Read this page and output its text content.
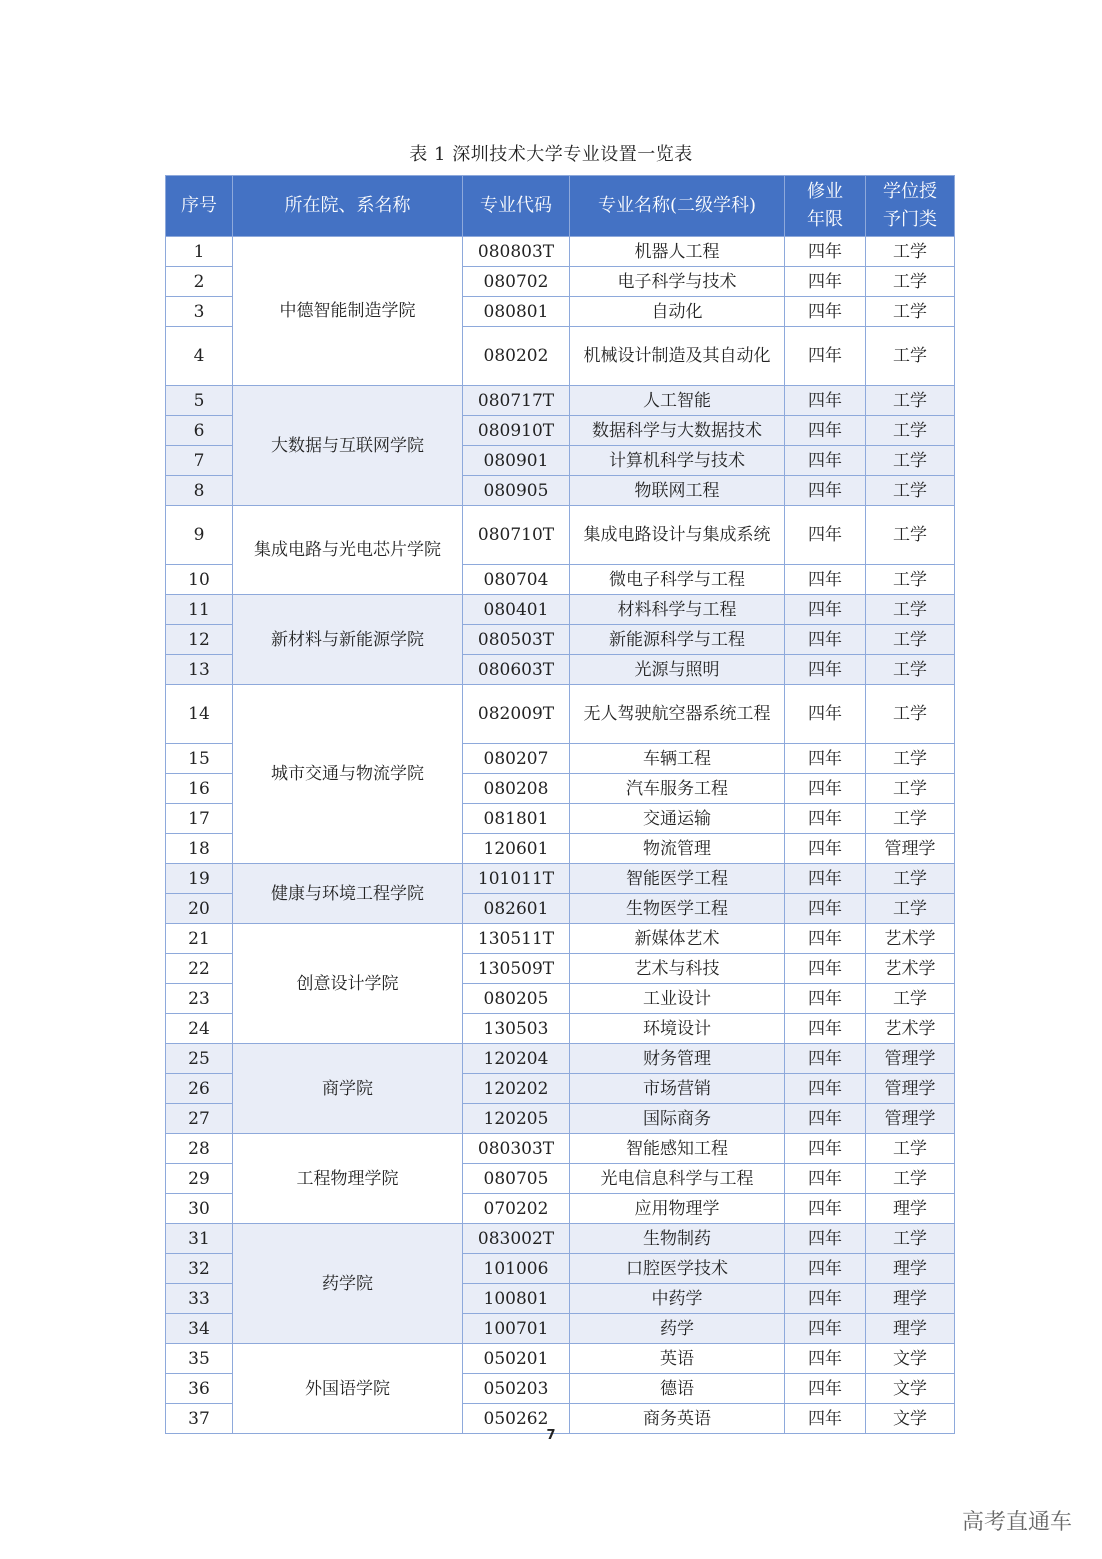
表 1 深圳技术大学专业设置一览表
序号	所在院、系名称	专业代码	专业名称(二级学科)	修业年限	学位授予门类
1	中德智能制造学院	080803T	机器人工程	四年	工学
2		080702	电子科学与技术	四年	工学
3		080801	自动化	四年	工学
4		080202	机械设计制造及其自动化	四年	工学
5	大数据与互联网学院	080717T	人工智能	四年	工学
6		080910T	数据科学与大数据技术	四年	工学
7		080901	计算机科学与技术	四年	工学
8		080905	物联网工程	四年	工学
9	集成电路与光电芯片学院	080710T	集成电路设计与集成系统	四年	工学
10		080704	微电子科学与工程	四年	工学
11	新材料与新能源学院	080401	材料科学与工程	四年	工学
12		080503T	新能源科学与工程	四年	工学
13		080603T	光源与照明	四年	工学
14	城市交通与物流学院	082009T	无人驾驶航空器系统工程	四年	工学
15		080207	车辆工程	四年	工学
16		080208	汽车服务工程	四年	工学
17		081801	交通运输	四年	工学
18		120601	物流管理	四年	管理学
19	健康与环境工程学院	101011T	智能医学工程	四年	工学
20		082601	生物医学工程	四年	工学
21	创意设计学院	130511T	新媒体艺术	四年	艺术学
22		130509T	艺术与科技	四年	艺术学
23		080205	工业设计	四年	工学
24		130503	环境设计	四年	艺术学
25	商学院	120204	财务管理	四年	管理学
26		120202	市场营销	四年	管理学
27		120205	国际商务	四年	管理学
28	工程物理学院	080303T	智能感知工程	四年	工学
29		080705	光电信息科学与工程	四年	工学
30		070202	应用物理学	四年	理学
31	药学院	083002T	生物制药	四年	工学
32		101006	口腔医学技术	四年	理学
33		100801	中药学	四年	理学
34		100701	药学	四年	理学
35	外国语学院	050201	英语	四年	文学
36		050203	德语	四年	文学
37		050262	商务英语	四年	文学
7
高考直通车
